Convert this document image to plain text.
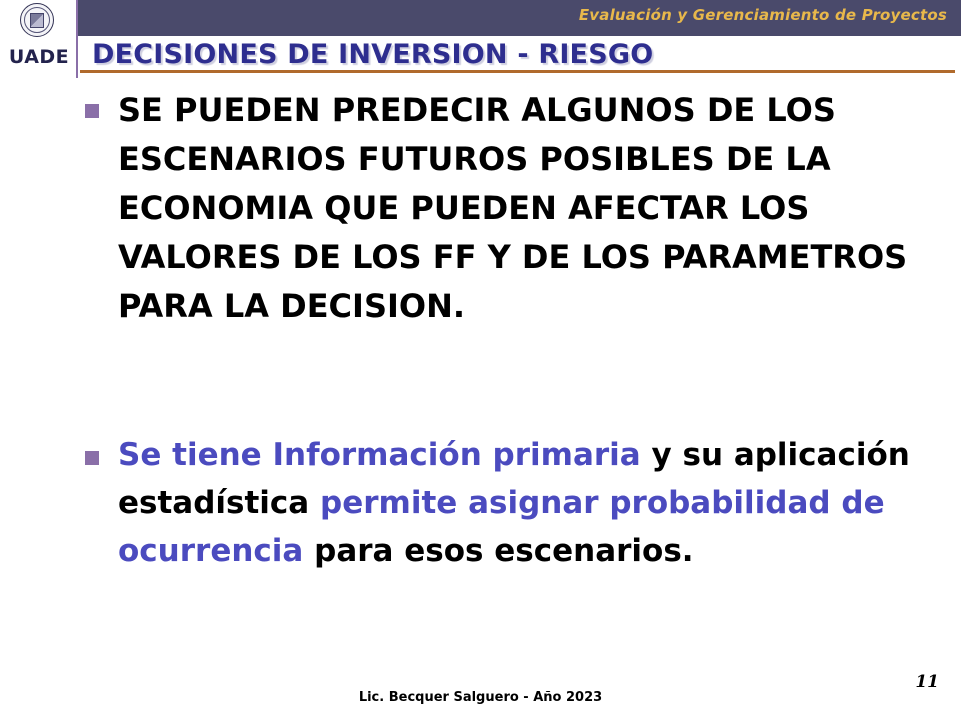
Evaluación y Gerenciamiento de Proyectos
UADE DECISIONES DE INVERSION - RIESGO
SE PUEDEN PREDECIR ALGUNOS DE LOS ESCENARIOS FUTUROS POSIBLES DE LA ECONOMIA QUE PUEDEN AFECTAR LOS VALORES DE LOS FF Y DE LOS PARAMETROS PARA LA DECISION.
Se tiene Información primaria y su aplicación estadística permite asignar probabilidad de ocurrencia para esos escenarios.
Lic. Becquer Salguero - Año 2023
11
